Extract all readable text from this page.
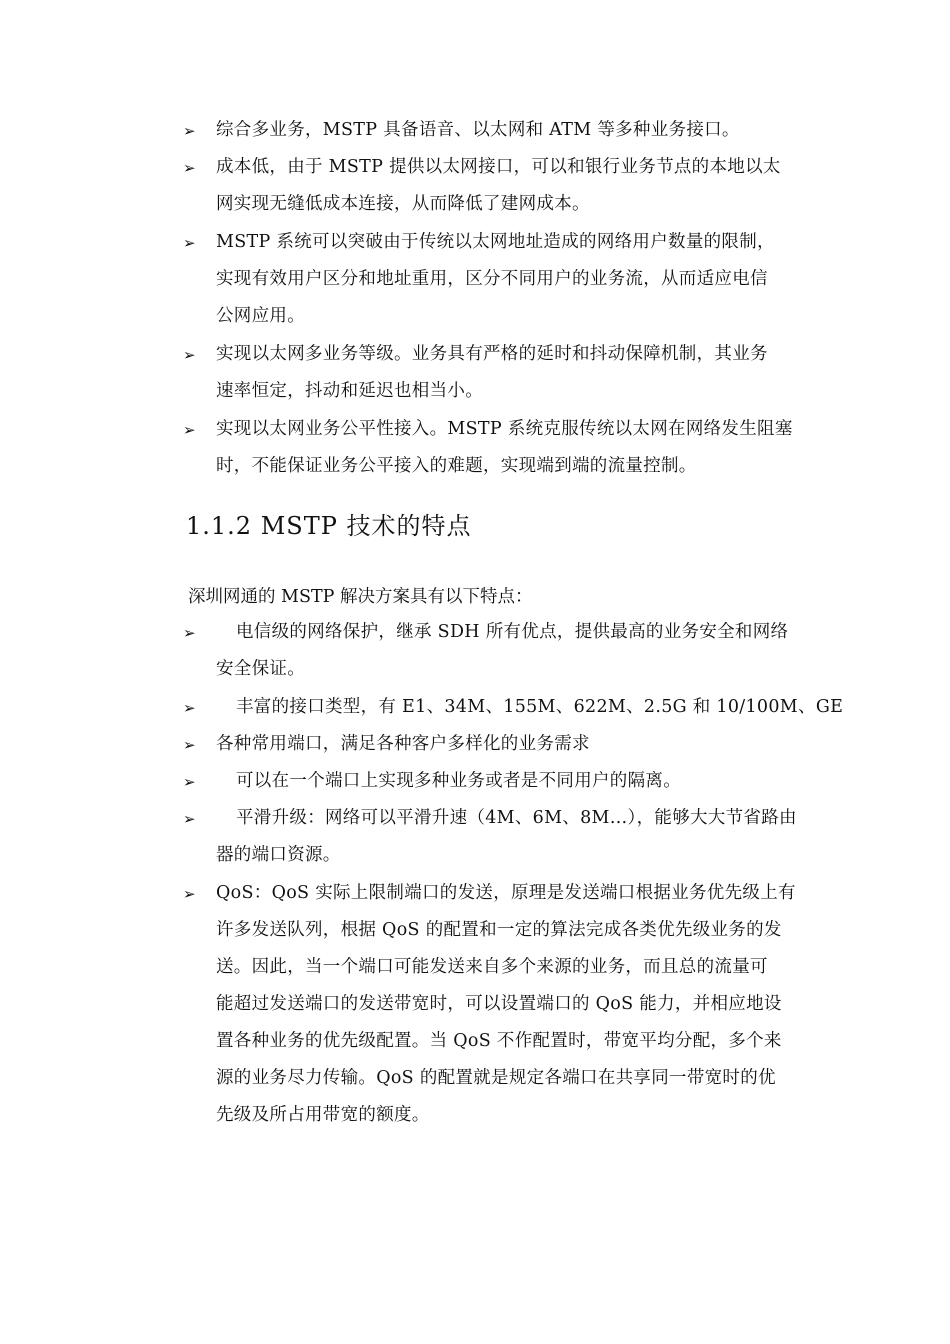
➢ 综合多业务，MSTP 具备语音、以太网和 ATM 等多种业务接口。
➢ 成本低，由于 MSTP 提供以太网接口，可以和银行业务节点的本地以太
网实现无缝低成本连接，从而降低了建网成本。
➢ MSTP 系统可以突破由于传统以太网地址造成的网络用户数量的限制，
实现有效用户区分和地址重用，区分不同用户的业务流，从而适应电信
公网应用。
➢ 实现以太网多业务等级。业务具有严格的延时和抖动保障机制，其业务
速率恒定，抖动和延迟也相当小。
➢ 实现以太网业务公平性接入。MSTP 系统克服传统以太网在网络发生阻塞
时，不能保证业务公平接入的难题，实现端到端的流量控制。
1.1.2 MSTP 技术的特点
深圳网通的 MSTP 解决方案具有以下特点：
➢ 电信级的网络保护，继承 SDH 所有优点，提供最高的业务安全和网络
安全保证。
➢ 丰富的接口类型，有 E1、34M、155M、622M、2.5G 和 10/100M、GE
➢ 各种常用端口，满足各种客户多样化的业务需求
➢ 可以在一个端口上实现多种业务或者是不同用户的隔离。
➢ 平滑升级：网络可以平滑升速（4M、6M、8M…），能够大大节省路由
器的端口资源。
➢ QoS：QoS 实际上限制端口的发送，原理是发送端口根据业务优先级上有
许多发送队列，根据 QoS 的配置和一定的算法完成各类优先级业务的发
送。因此，当一个端口可能发送来自多个来源的业务，而且总的流量可
能超过发送端口的发送带宽时，可以设置端口的 QoS 能力，并相应地设
置各种业务的优先级配置。当 QoS 不作配置时，带宽平均分配，多个来
源的业务尽力传输。QoS 的配置就是规定各端口在共享同一带宽时的优
先级及所占用带宽的额度。
